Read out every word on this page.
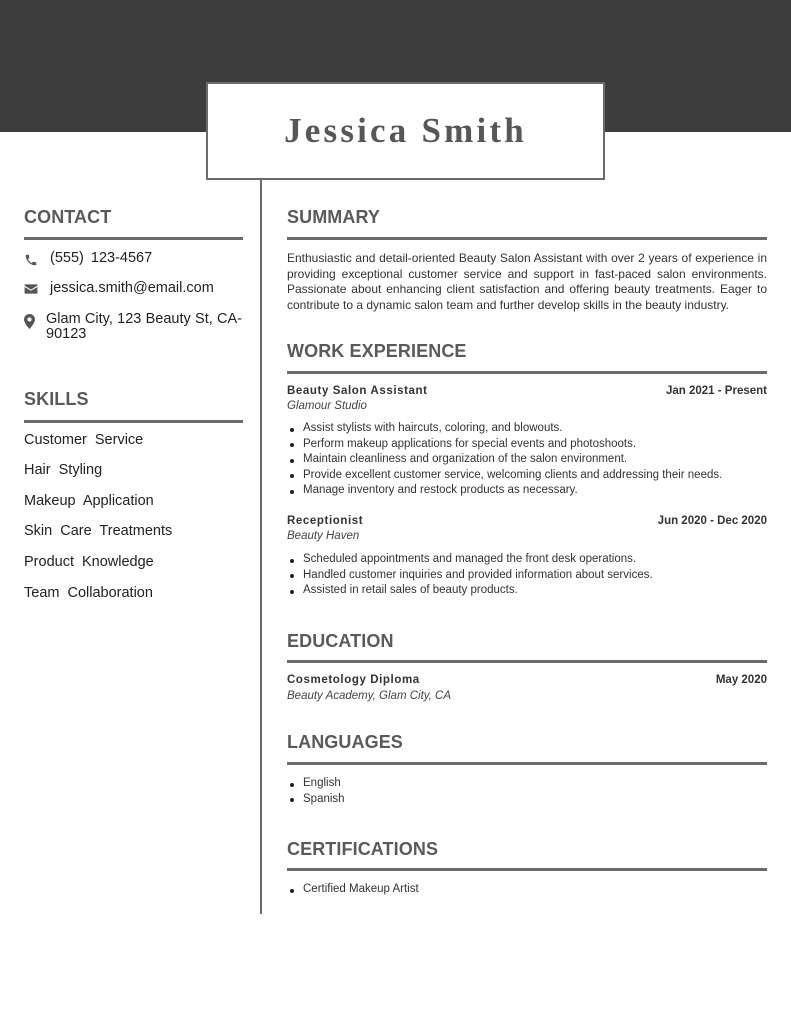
Jessica Smith
CONTACT
(555) 123-4567
jessica.smith@email.com
Glam City, 123 Beauty St, CA-90123
SKILLS
Customer Service
Hair Styling
Makeup Application
Skin Care Treatments
Product Knowledge
Team Collaboration
SUMMARY
Enthusiastic and detail-oriented Beauty Salon Assistant with over 2 years of experience in providing exceptional customer service and support in fast-paced salon environments. Passionate about enhancing client satisfaction and offering beauty treatments. Eager to contribute to a dynamic salon team and further develop skills in the beauty industry.
WORK EXPERIENCE
Beauty Salon Assistant	Jan 2021 - Present
Glamour Studio
Assist stylists with haircuts, coloring, and blowouts.
Perform makeup applications for special events and photoshoots.
Maintain cleanliness and organization of the salon environment.
Provide excellent customer service, welcoming clients and addressing their needs.
Manage inventory and restock products as necessary.
Receptionist	Jun 2020 - Dec 2020
Beauty Haven
Scheduled appointments and managed the front desk operations.
Handled customer inquiries and provided information about services.
Assisted in retail sales of beauty products.
EDUCATION
Cosmetology Diploma	May 2020
Beauty Academy, Glam City, CA
LANGUAGES
English
Spanish
CERTIFICATIONS
Certified Makeup Artist
